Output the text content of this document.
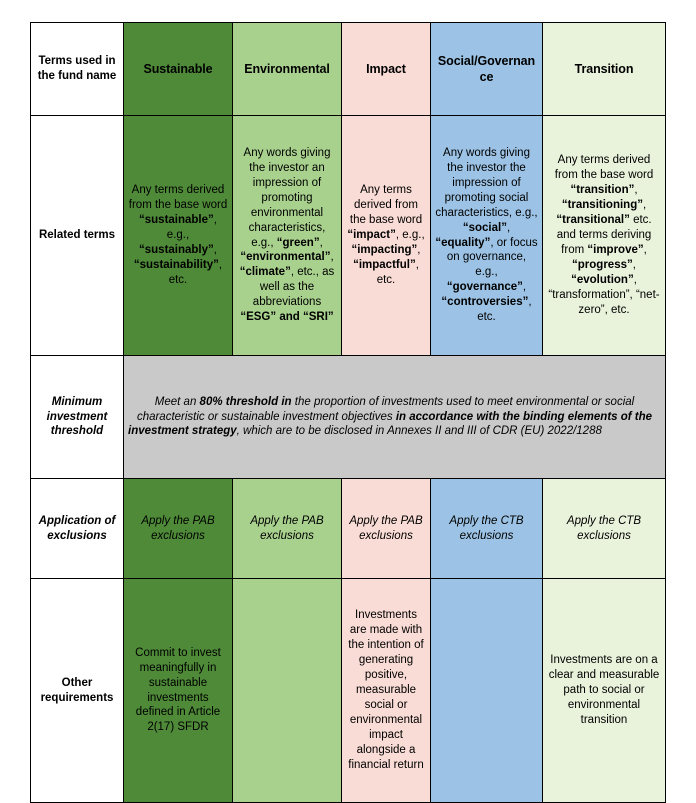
Terms used in the fund name	Sustainable	Environmental	Impact	Social/Governance	Transition
Related terms	Any terms derived from the base word “sustainable”, e.g., “sustainably”, “sustainability”, etc.	Any words giving the investor an impression of promoting environmental characteristics, e.g., “green”, “environmental”, “climate”, etc., as well as the abbreviations “ESG” and “SRI”	Any terms derived from the base word “impact”, e.g., “impacting”, “impactful”, etc.	Any words giving the investor the impression of promoting social characteristics, e.g., “social”, “equality”, or focus on governance, e.g., “governance”, “controversies”, etc.	Any terms derived from the base word “transition”, “transitioning”, “transitional” etc. and terms deriving from “improve”, “progress”, “evolution”, “transformation”, “net-zero”, etc.
Minimum investment threshold	Meet an 80% threshold in the proportion of investments used to meet environmental or social characteristic or sustainable investment objectives in accordance with the binding elements of the investment strategy, which are to be disclosed in Annexes II and III of CDR (EU) 2022/1288				
Application of exclusions	Apply the PAB exclusions	Apply the PAB exclusions	Apply the PAB exclusions	Apply the CTB exclusions	Apply the CTB exclusions
Other requirements	Commit to invest meaningfully in sustainable investments defined in Article 2(17) SFDR		Investments are made with the intention of generating positive, measurable social or environmental impact alongside a financial return		Investments are on a clear and measurable path to social or environmental transition
